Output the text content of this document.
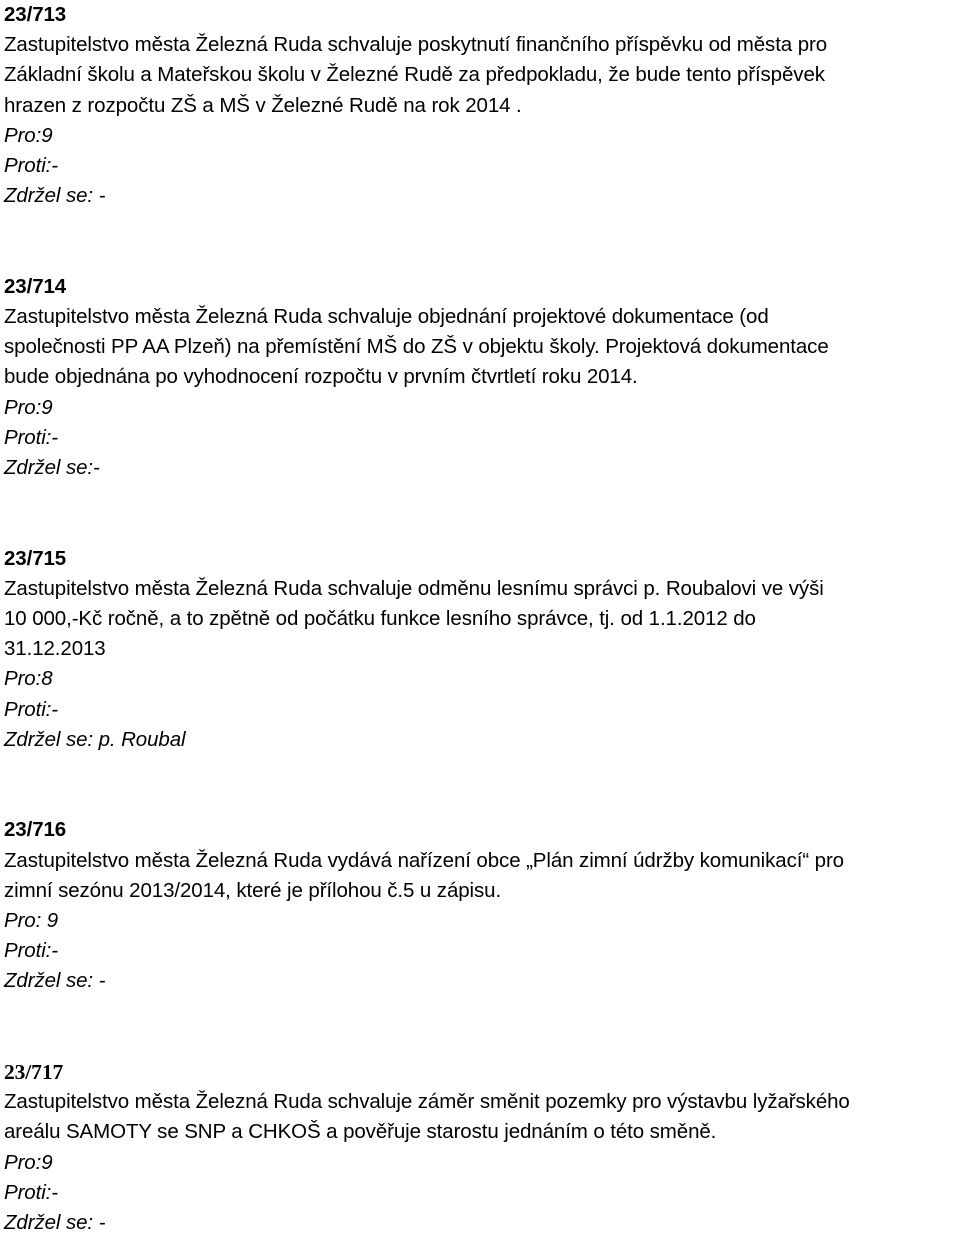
23/713
Zastupitelstvo města Železná Ruda schvaluje poskytnutí finančního příspěvku od města pro
Základní školu a Mateřskou školu v Železné Rudě za předpokladu, že bude tento příspěvek
hrazen z rozpočtu ZŠ a MŠ v Železné Rudě na rok 2014 .
Pro:9
Proti:-
Zdržel se: -
23/714
Zastupitelstvo města Železná Ruda schvaluje objednání projektové dokumentace (od
společnosti PP AA Plzeň) na přemístění MŠ do ZŠ v objektu školy. Projektová dokumentace
bude objednána po vyhodnocení rozpočtu v prvním čtvrtletí roku 2014.
Pro:9
Proti:-
Zdržel se:-
23/715
Zastupitelstvo města Železná Ruda schvaluje odměnu lesnímu správci p. Roubalovi ve výši
10 000,-Kč ročně, a to zpětně od počátku funkce lesního správce, tj. od 1.1.2012 do
31.12.2013
Pro:8
Proti:-
Zdržel se: p. Roubal
23/716
Zastupitelstvo města Železná Ruda vydává nařízení obce „Plán zimní údržby komunikací“ pro
zimní sezónu 2013/2014, které je přílohou č.5 u zápisu.
Pro: 9
Proti:-
Zdržel se: -
23/717
Zastupitelstvo města Železná Ruda schvaluje záměr směnit pozemky pro výstavbu lyžařského
areálu SAMOTY se SNP a CHKOŠ a pověřuje starostu jednáním o této směně.
Pro:9
Proti:-
Zdržel se: -
